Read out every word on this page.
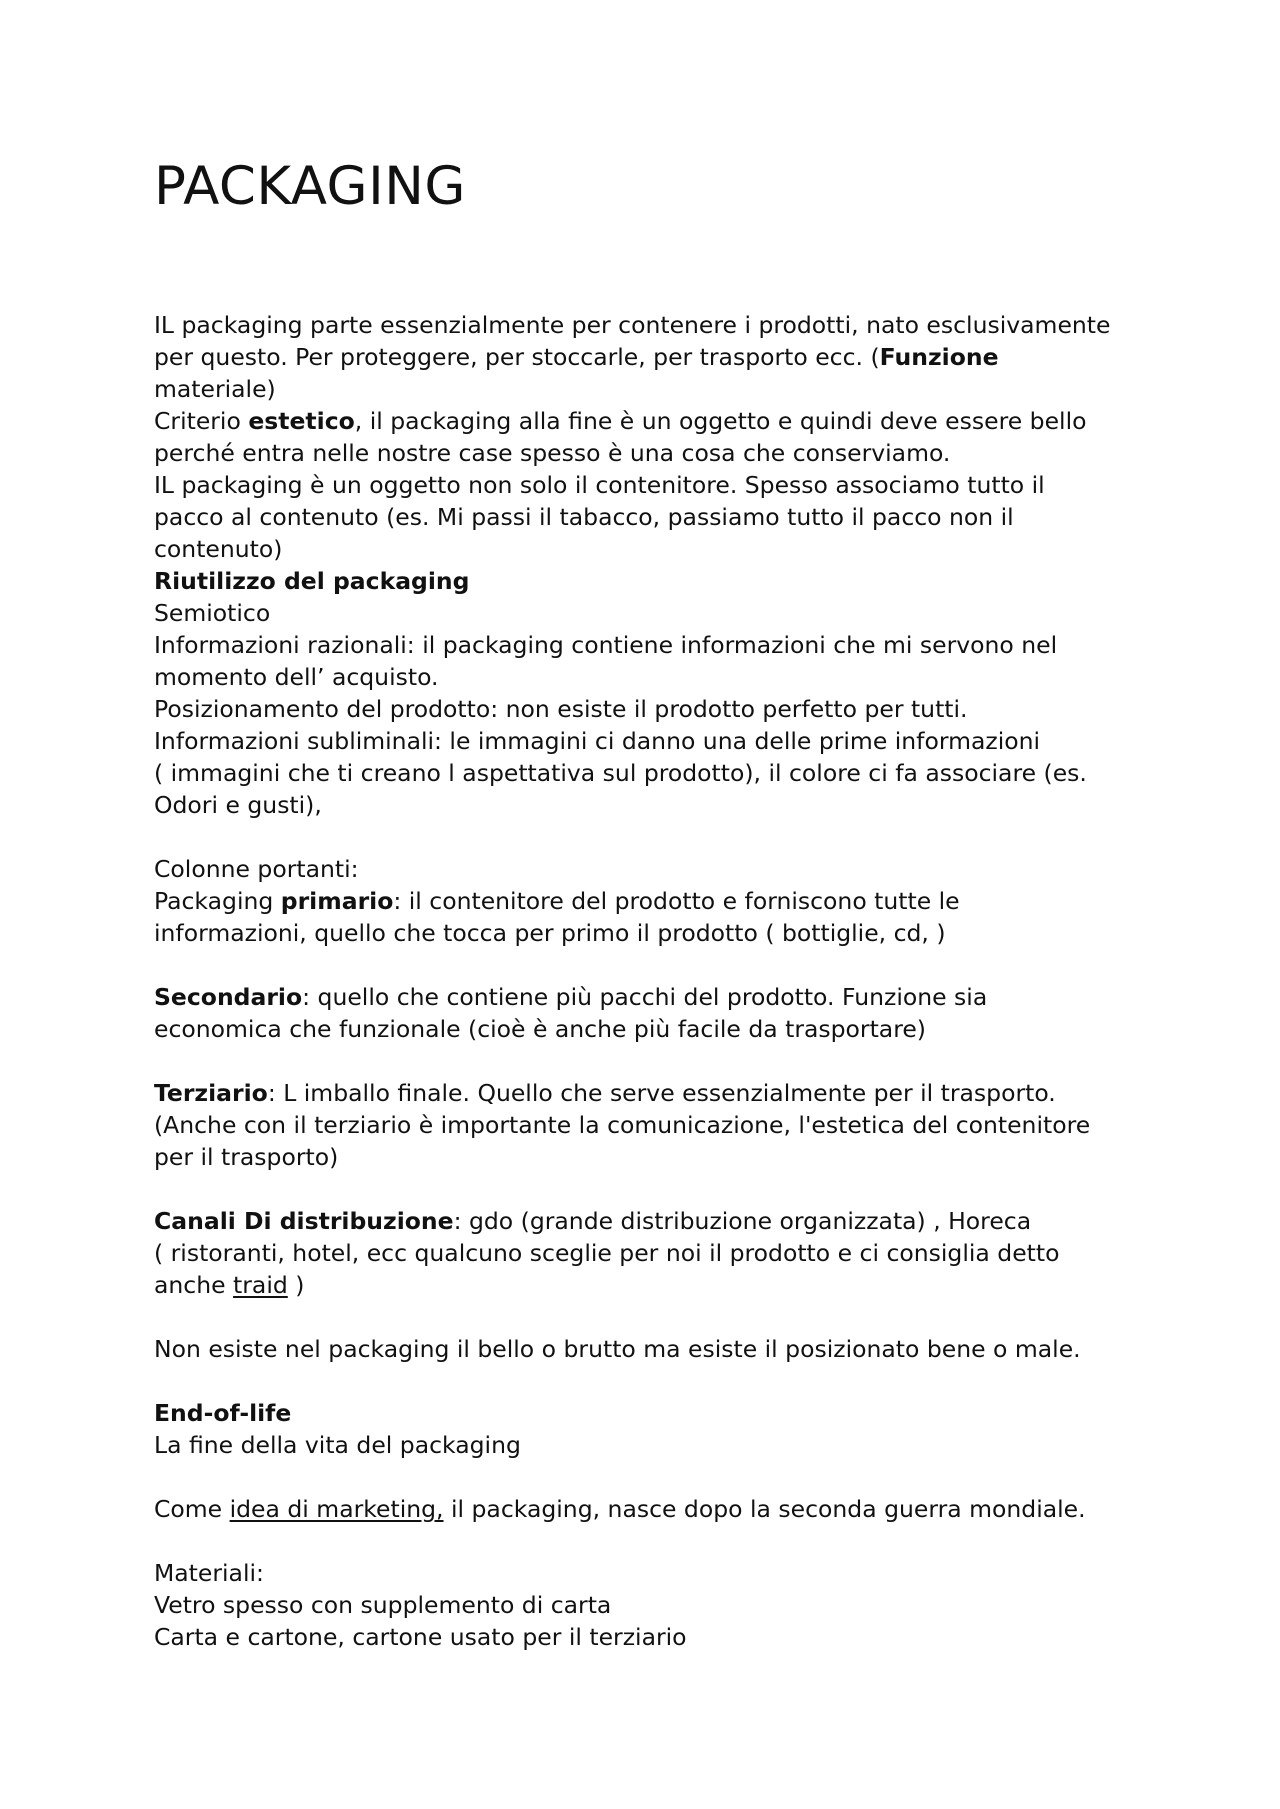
PACKAGING
IL packaging parte essenzialmente per contenere i prodotti, nato esclusivamente
per questo. Per proteggere, per stoccarle, per trasporto ecc. (Funzione
materiale)
Criterio estetico, il packaging alla fine è un oggetto e quindi deve essere bello
perché entra nelle nostre case spesso è una cosa che conserviamo.
IL packaging è un oggetto non solo il contenitore. Spesso associamo tutto il
pacco al contenuto (es. Mi passi il tabacco, passiamo tutto il pacco non il
contenuto)
Riutilizzo del packaging
Semiotico
Informazioni razionali: il packaging contiene informazioni che mi servono nel
momento dell’ acquisto.
Posizionamento del prodotto: non esiste il prodotto perfetto per tutti.
Informazioni subliminali: le immagini ci danno una delle prime informazioni
( immagini che ti creano l aspettativa sul prodotto), il colore ci fa associare (es.
Odori e gusti),
Colonne portanti:
Packaging primario: il contenitore del prodotto e forniscono tutte le
informazioni, quello che tocca per primo il prodotto ( bottiglie, cd, )
Secondario: quello che contiene più pacchi del prodotto. Funzione sia
economica che funzionale (cioè è anche più facile da trasportare)
Terziario: L imballo finale. Quello che serve essenzialmente per il trasporto.
(Anche con il terziario è importante la comunicazione, l'estetica del contenitore
per il trasporto)
Canali Di distribuzione: gdo (grande distribuzione organizzata) , Horeca
( ristoranti, hotel, ecc qualcuno sceglie per noi il prodotto e ci consiglia detto
anche traid )
Non esiste nel packaging il bello o brutto ma esiste il posizionato bene o male.
End-of-life
La fine della vita del packaging
Come idea di marketing, il packaging, nasce dopo la seconda guerra mondiale.
Materiali:
Vetro spesso con supplemento di carta
Carta e cartone, cartone usato per il terziario
